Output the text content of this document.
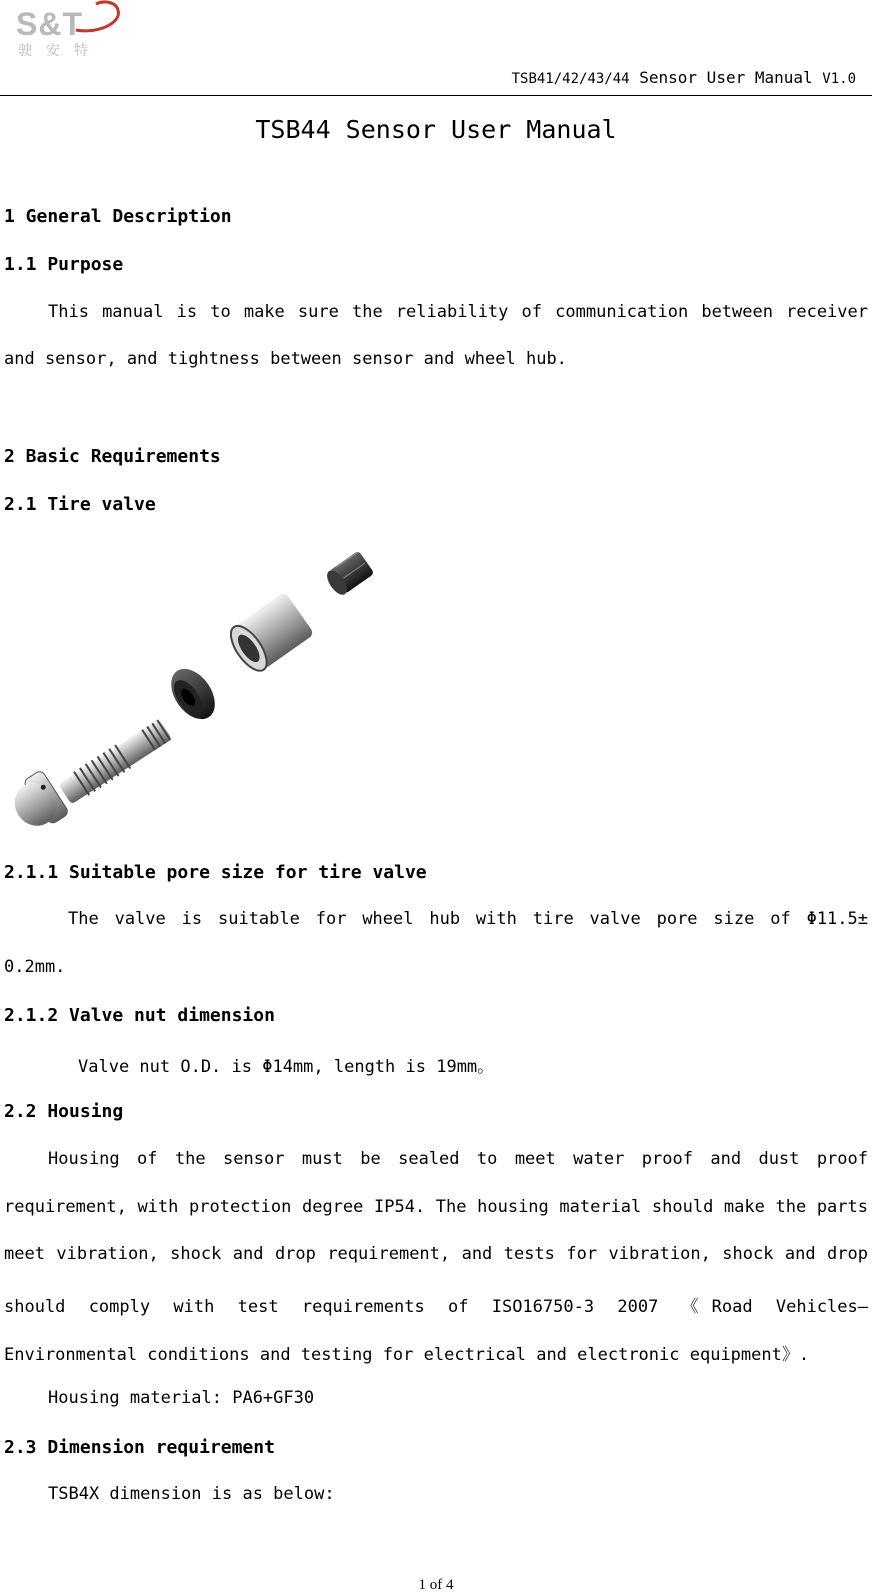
S&T
驶安特
TSB41/42/43/44 Sensor User Manual V1.0
TSB44 Sensor User Manual
1 General Description
1.1 Purpose
This manual is to make sure the reliability of communication between receiver
and sensor, and tightness between sensor and wheel hub.
2 Basic Requirements
2.1 Tire valve
2.1.1 Suitable pore size for tire valve
The valve is suitable for wheel hub with tire valve pore size of Φ11.5±
0.2mm.
2.1.2 Valve nut dimension
Valve nut O.D. is Φ14mm, length is 19mm。
2.2 Housing
Housing of the sensor must be sealed to meet water proof and dust proof
requirement, with protection degree IP54. The housing material should make the parts
meet vibration, shock and drop requirement, and tests for vibration, shock and drop
should comply with test requirements of ISO16750-3 2007 《Road Vehicles—
Environmental conditions and testing for electrical and electronic equipment》.
Housing material: PA6+GF30
2.3 Dimension requirement
TSB4X dimension is as below:
1 of 4
